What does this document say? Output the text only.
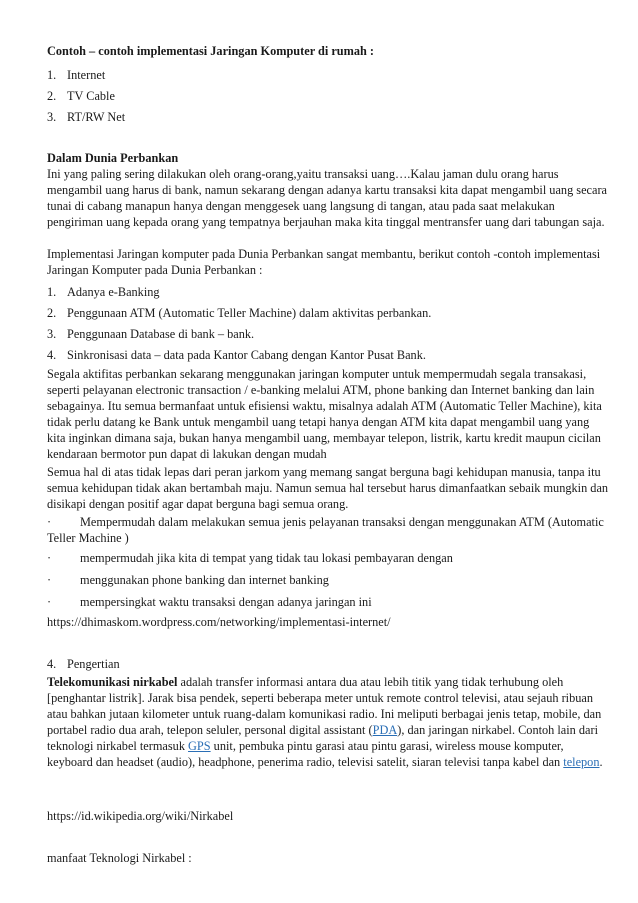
Contoh – contoh implementasi Jaringan Komputer di rumah :
1. Internet
2. TV Cable
3. RT/RW Net
Dalam Dunia Perbankan
Ini yang paling sering dilakukan oleh orang-orang,yaitu transaksi uang….Kalau jaman dulu orang harus mengambil uang harus di bank, namun sekarang dengan adanya kartu transaksi kita dapat mengambil uang secara tunai di cabang manapun hanya dengan menggesek uang langsung di tangan, atau pada saat melakukan pengiriman uang kepada orang yang tempatnya berjauhan maka kita tinggal mentransfer uang dari tabungan saja.
Implementasi Jaringan komputer pada Dunia Perbankan sangat membantu, berikut contoh -contoh implementasi Jaringan Komputer pada Dunia Perbankan :
1. Adanya e-Banking
2. Penggunaan ATM (Automatic Teller Machine) dalam aktivitas perbankan.
3. Penggunaan Database di bank – bank.
4. Sinkronisasi data – data pada Kantor Cabang dengan Kantor Pusat Bank.
Segala aktifitas perbankan sekarang menggunakan jaringan komputer untuk mempermudah segala transakasi, seperti pelayanan electronic transaction / e-banking melalui ATM, phone banking dan Internet banking dan lain sebagainya. Itu semua bermanfaat untuk efisiensi waktu, misalnya adalah ATM (Automatic Teller Machine), kita tidak perlu datang ke Bank untuk mengambil uang tetapi hanya dengan ATM kita dapat mengambil uang yang kita inginkan dimana saja, bukan hanya mengambil uang, membayar telepon, listrik, kartu kredit maupun cicilan kendaraan bermotor pun dapat di lakukan dengan mudah
Semua hal di atas tidak lepas dari peran jarkom yang memang sangat berguna bagi kehidupan manusia, tanpa itu semua kehidupan tidak akan bertambah maju. Namun semua hal tersebut harus dimanfaatkan sebaik mungkin dan disikapi dengan positif agar dapat berguna bagi semua orang.
· Mempermudah dalam melakukan semua jenis pelayanan transaksi dengan menggunakan ATM (Automatic Teller Machine )
· mempermudah jika kita di tempat yang tidak tau lokasi pembayaran dengan
· menggunakan phone banking dan internet banking
· mempersingkat waktu transaksi dengan adanya jaringan ini
https://dhimaskom.wordpress.com/networking/implementasi-internet/
4. Pengertian
Telekomunikasi nirkabel adalah transfer informasi antara dua atau lebih titik yang tidak terhubung oleh [penghantar listrik]. Jarak bisa pendek, seperti beberapa meter untuk remote control televisi, atau sejauh ribuan atau bahkan jutaan kilometer untuk ruang-dalam komunikasi radio. Ini meliputi berbagai jenis tetap, mobile, dan portabel radio dua arah, telepon seluler, personal digital assistant (PDA), dan jaringan nirkabel. Contoh lain dari teknologi nirkabel termasuk GPS unit, pembuka pintu garasi atau pintu garasi, wireless mouse komputer, keyboard dan headset (audio), headphone, penerima radio, televisi satelit, siaran televisi tanpa kabel dan telepon.
https://id.wikipedia.org/wiki/Nirkabel
manfaat Teknologi Nirkabel :
